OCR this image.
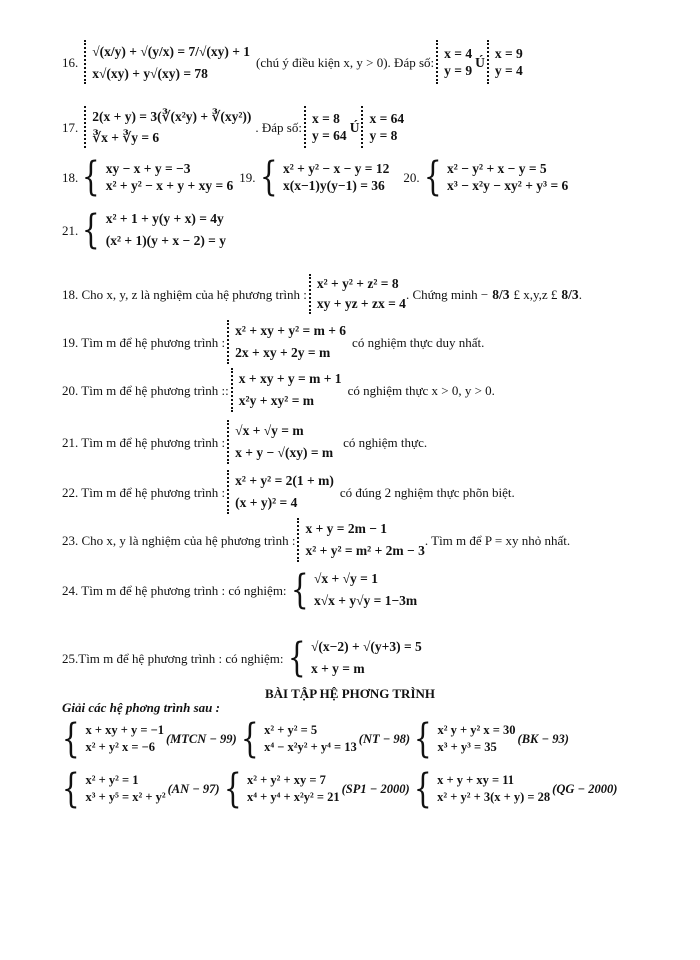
16.
√(x/y) + √(y/x) = 7/√(xy) + 1
x√(xy) + y√(xy) = 78
(chú ý điều kiện x, y > 0). Đáp số:
x = 4
y = 9
Ú
x = 9
y = 4
17.
2(x + y) = 3(∛(x²y) + ∛(xy²))
∛x + ∛y = 6
. Đáp số:
x = 8
y = 64
Ú
x = 64
y = 8
18. { xy − x + y = −3
x² + y² − x + y + xy = 6
19. { x² + y² − x − y = 12
x(x−1)y(y−1) = 36
20. { x² − y² + x − y = 5
x³ − x²y − xy² + y³ = 6
21. { x² + 1 + y(y + x) = 4y
(x² + 1)(y + x − 2) = y
18. Cho x, y, z là nghiệm của hệ phương trình :
x² + y² + z² = 8
xy + yz + zx = 4
. Chứng minh − 8/3 £ x,y,z £ 8/3 .
19. Tìm m để hệ phương trình :
x² + xy + y² = m + 6
2x + xy + 2y = m
có nghiệm thực duy nhất.
20. Tìm m để hệ phương trình ::
x + xy + y = m + 1
x²y + xy² = m
có nghiệm thực x > 0, y > 0.
21. Tìm m để hệ phương trình :
√x + √y = m
x + y − √(xy) = m
có nghiệm thực.
22. Tìm m để hệ phương trình :
x² + y² = 2(1 + m)
(x + y)² = 4
có đúng 2 nghiệm thực phõn biệt.
23. Cho x, y là nghiệm của hệ phương trình :
x + y = 2m − 1
x² + y² = m² + 2m − 3
. Tìm m để P = xy nhỏ nhất.
24. Tìm m để hệ phương trình : có nghiệm: { √x + √y = 1
x√x + y√y = 1−3m
25.Tìm m để hệ phương trình : có nghiệm: { √(x−2) + √(y+3) = 5
x + y = m
BÀI TẬP HỆ PHƠNG TRÌNH
Giải các hệ phơng trình sau :
{ x + xy + y = −1
x² + y² x = −6
(MTCN − 99) { x² + y² = 5
x⁴ − x²y² + y⁴ = 13
(NT − 98) { x² y + y² x = 30
x³ + y³ = 35
(BK − 93)
{ x² + y² = 1
x³ + y⁵ = x² + y²
(AN − 97) { x² + y² + xy = 7
x⁴ + y⁴ + x²y² = 21
(SP1 − 2000) { x + y + xy = 11
x² + y² + 3(x + y) = 28
(QG − 2000)
